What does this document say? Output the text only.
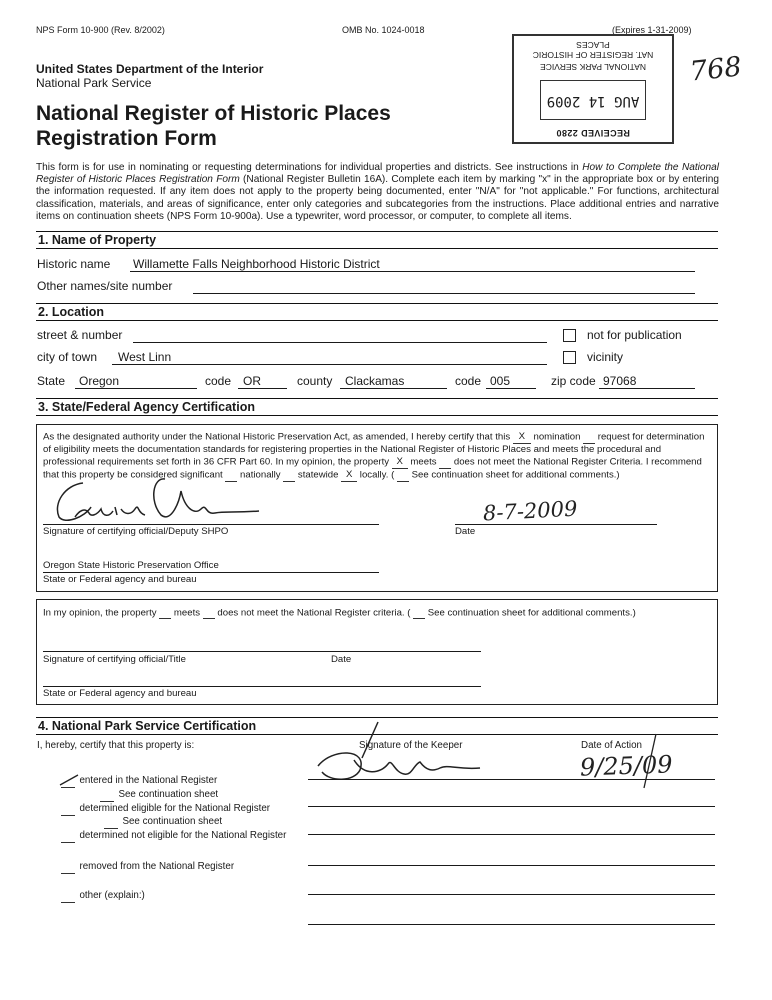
NPS Form 10-900 (Rev. 8/2002)	OMB No. 1024-0018	(Expires 1-31-2009)
United States Department of the Interior
National Park Service
National Register of Historic Places
Registration Form	RECEIVED 2280
AUG 14 2009
NATIONAL PARK SERVICE
NAT. REGISTER OF HISTORIC PLACES
768
This form is for use in nominating or requesting determinations for individual properties and districts. See instructions in How to Complete the National Register of Historic Places Registration Form (National Register Bulletin 16A). Complete each item by marking "x" in the appropriate box or by entering the information requested. If any item does not apply to the property being documented, enter "N/A" for "not applicable." For functions, architectural classification, materials, and areas of significance, enter only categories and subcategories from the instructions. Place additional entries and narrative items on continuation sheets (NPS Form 10-900a). Use a typewriter, word processor, or computer, to complete all items.
1. Name of Property
Historic name Willamette Falls Neighborhood Historic District
Other names/site number
2. Location
street & number	not for publication
city of town West Linn	vicinity
State Oregon	code OR	county Clackamas	code 005	zip code 97068
3. State/Federal Agency Certification
As the designated authority under the National Historic Preservation Act, as amended, I hereby certify that this X nomination  request for determination of eligibility meets the documentation standards for registering properties in the National Register of Historic Places and meets the procedural and professional requirements set forth in 36 CFR Part 60. In my opinion, the property X meets  does not meet the National Register Criteria. I recommend that this property be considered significant  nationally  statewide X locally. (  See continuation sheet for additional comments.)
Signature of certifying official/Deputy SHPO
8-7-2009
Date
Oregon State Historic Preservation Office
State or Federal agency and bureau
In my opinion, the property  meets  does not meet the National Register criteria. (  See continuation sheet for additional comments.)
Signature of certifying official/Title	Date
State or Federal agency and bureau
4. National Park Service Certification
I, hereby, certify that this property is:	Signature of the Keeper	Date of Action
9/25/09
entered in the National Register
See continuation sheet
determined eligible for the National Register
See continuation sheet
determined not eligible for the National Register
removed from the National Register
other (explain:)
